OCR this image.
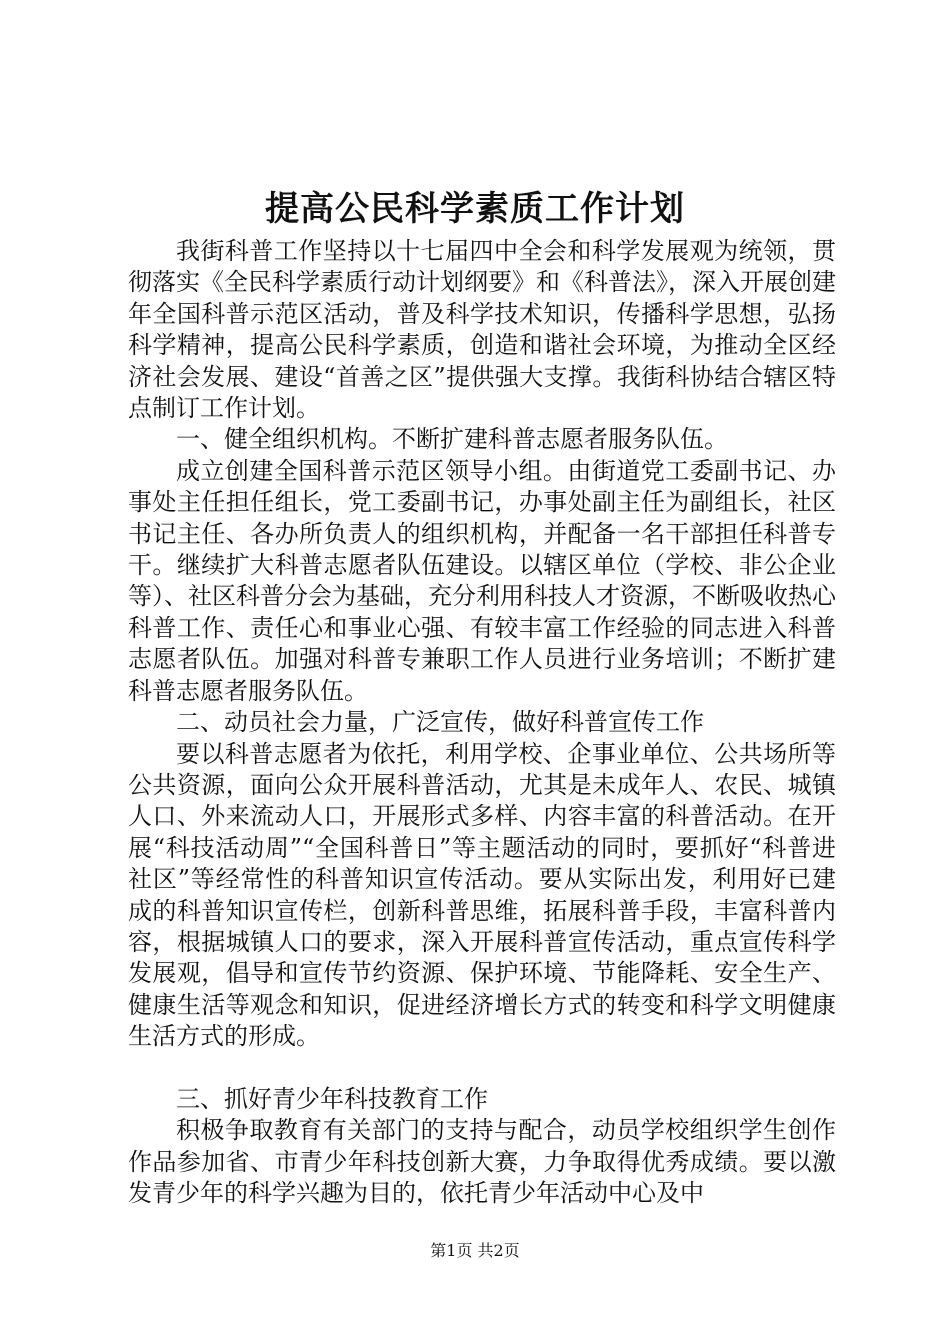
提高公民科学素质工作计划

我街科普工作坚持以十七届四中全会和科学发展观为统领，贯彻落实《全民科学素质行动计划纲要》和《科普法》，深入开展创建年全国科普示范区活动，普及科学技术知识，传播科学思想，弘扬科学精神，提高公民科学素质，创造和谐社会环境，为推动全区经济社会发展、建设“首善之区”提供强大支撑。我街科协结合辖区特点制订工作计划。

一、健全组织机构。不断扩建科普志愿者服务队伍。

成立创建全国科普示范区领导小组。由街道党工委副书记、办事处主任担任组长，党工委副书记，办事处副主任为副组长，社区书记主任、各办所负责人的组织机构，并配备一名干部担任科普专干。继续扩大科普志愿者队伍建设。以辖区单位（学校、非公企业等）、社区科普分会为基础，充分利用科技人才资源，不断吸收热心科普工作、责任心和事业心强、有较丰富工作经验的同志进入科普志愿者队伍。加强对科普专兼职工作人员进行业务培训；不断扩建科普志愿者服务队伍。

二、动员社会力量，广泛宣传，做好科普宣传工作

要以科普志愿者为依托，利用学校、企事业单位、公共场所等公共资源，面向公众开展科普活动，尤其是未成年人、农民、城镇人口、外来流动人口，开展形式多样、内容丰富的科普活动。在开展“科技活动周”“全国科普日”等主题活动的同时，要抓好“科普进社区”等经常性的科普知识宣传活动。要从实际出发，利用好已建成的科普知识宣传栏，创新科普思维，拓展科普手段，丰富科普内容，根据城镇人口的要求，深入开展科普宣传活动，重点宣传科学发展观，倡导和宣传节约资源、保护环境、节能降耗、安全生产、健康生活等观念和知识，促进经济增长方式的转变和科学文明健康生活方式的形成。

三、抓好青少年科技教育工作

积极争取教育有关部门的支持与配合，动员学校组织学生创作作品参加省、市青少年科技创新大赛，力争取得优秀成绩。要以激发青少年的科学兴趣为目的，依托青少年活动中心及中

第1页 共2页
